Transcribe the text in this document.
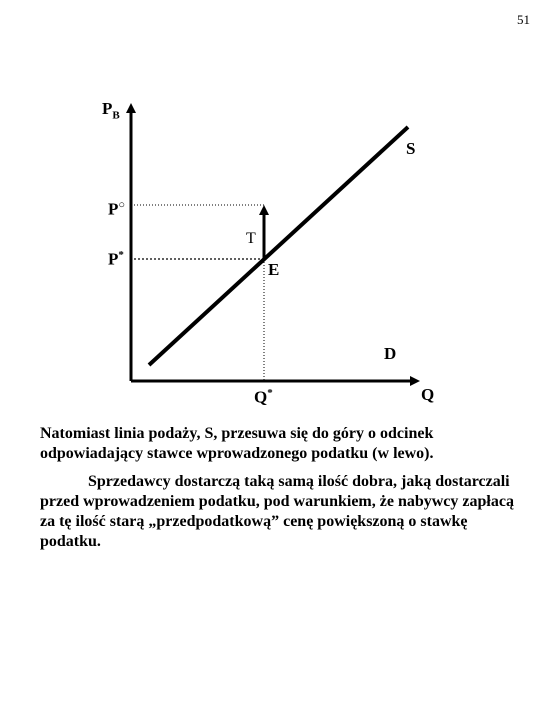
51
$P_B$
S
P○
T
P*
E
D
Q*	Q

Natomiast linia podaży, S, przesuwa się do góry o odcinek odpowiadający stawce wprowadzonego podatku (w lewo).

Sprzedawcy dostarczą taką samą ilość dobra, jaką dostarczali przed wprowadzeniem podatku, pod warunkiem, że nabywcy zapłacą za tę ilość starą „przedpodatkową” cenę powiększoną o stawkę podatku.
